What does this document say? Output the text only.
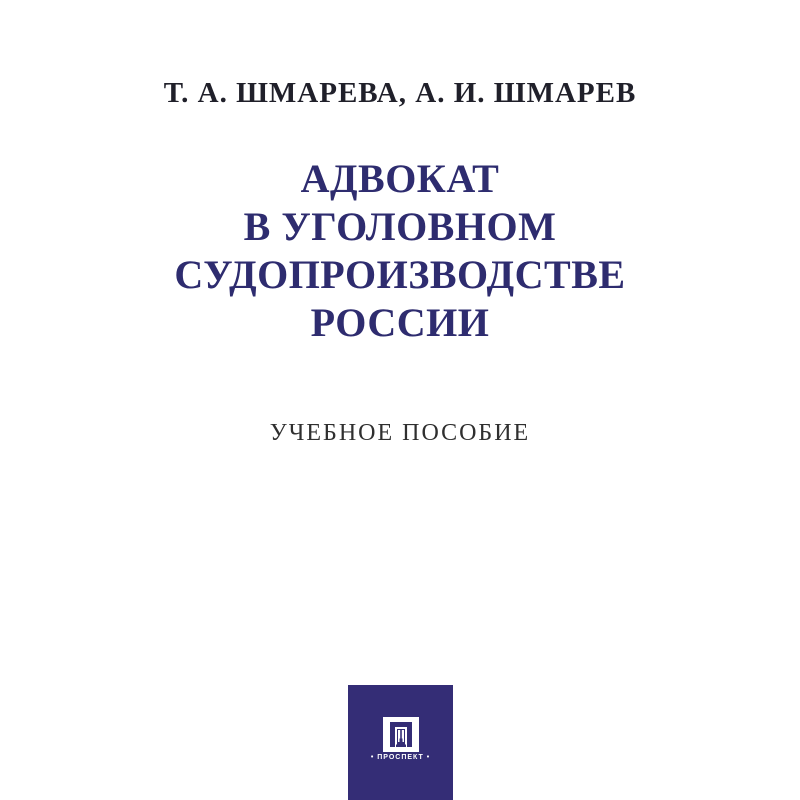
Т. А. ШМАРЕВА, А. И. ШМАРЕВ
АДВОКАТ
В УГОЛОВНОМ
СУДОПРОИЗВОДСТВЕ
РОССИИ
УЧЕБНОЕ ПОСОБИЕ
• ПРОСПЕКТ •
